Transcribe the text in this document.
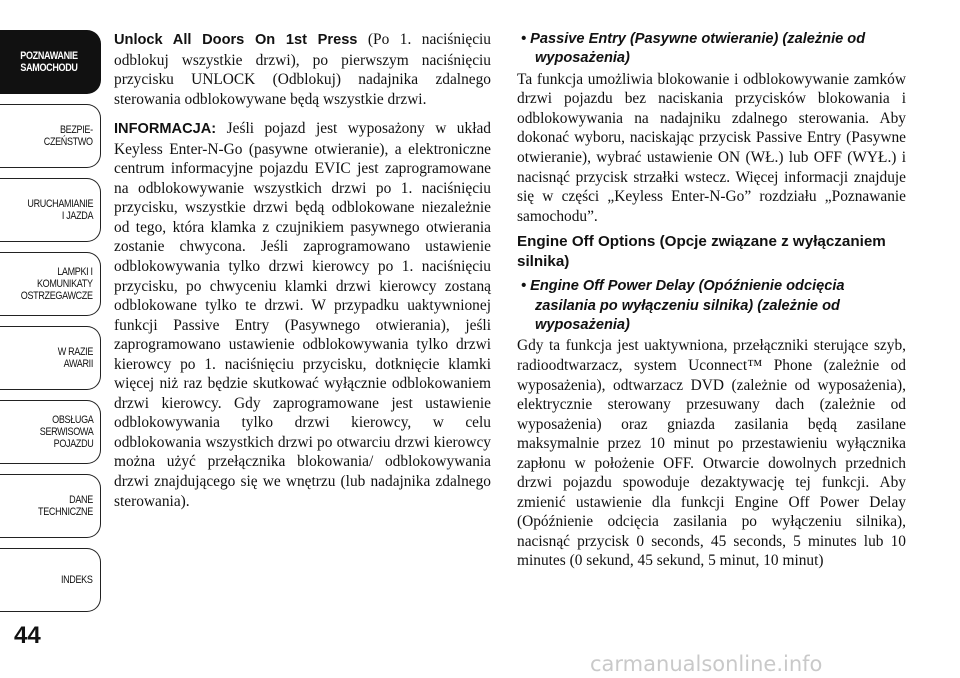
POZNAWANIE
SAMOCHODU
BEZPIE-
CZEŃSTWO
URUCHAMIANIE
I JAZDA
LAMPKI I
KOMUNIKATY
OSTRZEGAWCZE
W RAZIE
AWARII
OBSŁUGA
SERWISOWA
POJAZDU
DANE
TECHNICZNE
INDEKS
44

Unlock All Doors On 1st Press (Po 1. naciśnięciu odblokuj wszystkie drzwi), po pierwszym naciśnięciu przycisku UNLOCK (Odblokuj) nadajnika zdalnego sterowania odblokowywane będą wszystkie drzwi.

INFORMACJA: Jeśli pojazd jest wyposażony w układ Keyless Enter-N-Go (pasywne otwieranie), a elektroniczne centrum informacyjne pojazdu EVIC jest zaprogramowane na odblokowywanie wszystkich drzwi po 1. naciśnięciu przycisku, wszystkie drzwi będą odblokowane niezależnie od tego, która klamka z czujnikiem pasywnego otwierania zostanie chwycona. Jeśli zaprogramowano ustawienie odblokowywania tylko drzwi kierowcy po 1. naciśnięciu przycisku, po chwyceniu klamki drzwi kierowcy zostaną odblokowane tylko te drzwi. W przypadku uaktywnionej funkcji Passive Entry (Pasywnego otwierania), jeśli zaprogramowano ustawienie odblokowywania tylko drzwi kierowcy po 1. naciśnięciu przycisku, dotknięcie klamki więcej niż raz będzie skutkować wyłącznie odblokowaniem drzwi kierowcy. Gdy zaprogramowane jest ustawienie odblokowywania tylko drzwi kierowcy, w celu odblokowania wszystkich drzwi po otwarciu drzwi kierowcy można użyć przełącznika blokowania/ odblokowywania drzwi znajdującego się we wnętrzu (lub nadajnika zdalnego sterowania).

• Passive Entry (Pasywne otwieranie) (zależnie od wyposażenia)

Ta funkcja umożliwia blokowanie i odblokowywanie zamków drzwi pojazdu bez naciskania przycisków blokowania i odblokowywania na nadajniku zdalnego sterowania. Aby dokonać wyboru, naciskając przycisk Passive Entry (Pasywne otwieranie), wybrać ustawienie ON (WŁ.) lub OFF (WYŁ.) i nacisnąć przycisk strzałki wstecz. Więcej informacji znajduje się w części „Keyless Enter-N-Go” rozdziału „Poznawanie samochodu”.

Engine Off Options (Opcje związane z wyłączaniem silnika)

• Engine Off Power Delay (Opóźnienie odcięcia zasilania po wyłączeniu silnika) (zależnie od wyposażenia)

Gdy ta funkcja jest uaktywniona, przełączniki sterujące szyb, radioodtwarzacz, system Uconnect™ Phone (zależnie od wyposażenia), odtwarzacz DVD (zależnie od wyposażenia), elektrycznie sterowany przesuwany dach (zależnie od wyposażenia) oraz gniazda zasilania będą zasilane maksymalnie przez 10 minut po przestawieniu wyłącznika zapłonu w położenie OFF. Otwarcie dowolnych przednich drzwi pojazdu spowoduje dezaktywację tej funkcji. Aby zmienić ustawienie dla funkcji Engine Off Power Delay (Opóźnienie odcięcia zasilania po wyłączeniu silnika), nacisnąć przycisk 0 seconds, 45 seconds, 5 minutes lub 10 minutes (0 sekund, 45 sekund, 5 minut, 10 minut)

carmanualsonline.info
